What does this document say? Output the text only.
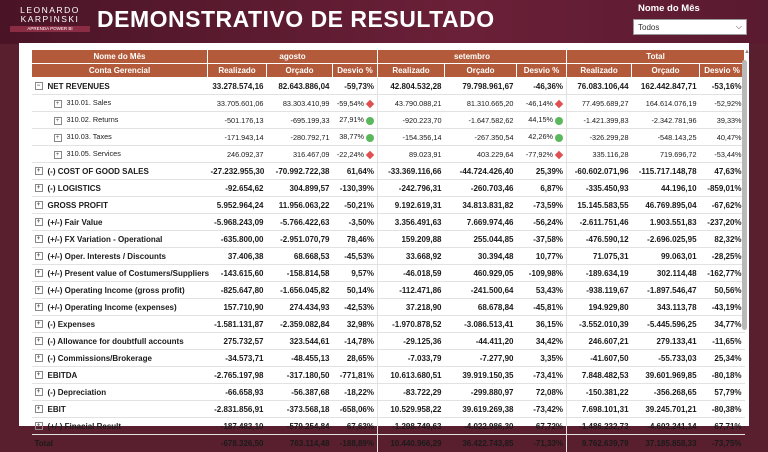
LEONARDO
KARPINSKI
APRENDA POWER BI	DEMONSTRATIVO DE RESULTADO	Nome do Mês
Todos	⌵
Nome do Mês	agosto			setembro			Total		
Conta Gerencial	Realizado	Orçado	Desvio %	Realizado	Orçado	Desvio %	Realizado	Orçado	Desvio %
− NET REVENUES	33.278.574,16	82.643.886,04	-59,73%	42.804.532,28	79.798.961,67	-46,36%	76.083.106,44	162.442.847,71	-53,16%
+ 310.01. Sales	33.705.601,06	83.303.410,99	-59,54%	43.790.088,21	81.310.665,20	-46,14%	77.495.689,27	164.614.076,19	-52,92%
+ 310.02. Returns	-501.176,13	-695.199,33	27,91%	-920.223,70	-1.647.582,62	44,15%	-1.421.399,83	-2.342.781,96	39,33%
+ 310.03. Taxes	-171.943,14	-280.792,71	38,77%	-154.356,14	-267.350,54	42,26%	-326.299,28	-548.143,25	40,47%
+ 310.05. Services	246.092,37	316.467,09	-22,24%	89.023,91	403.229,64	-77,92%	335.116,28	719.696,72	-53,44%
+ (-) COST OF GOOD SALES	-27.232.955,30	-70.992.722,38	61,64%	-33.369.116,66	-44.724.426,40	25,39%	-60.602.071,96	-115.717.148,78	47,63%
+ (-) LOGISTICS	-92.654,62	304.899,57	-130,39%	-242.796,31	-260.703,46	6,87%	-335.450,93	44.196,10	-859,01%
+ GROSS PROFIT	5.952.964,24	11.956.063,22	-50,21%	9.192.619,31	34.813.831,82	-73,59%	15.145.583,55	46.769.895,04	-67,62%
+ (+/-) Fair Value	-5.968.243,09	-5.766.422,63	-3,50%	3.356.491,63	7.669.974,46	-56,24%	-2.611.751,46	1.903.551,83	-237,20%
+ (+/-) FX Variation - Operational	-635.800,00	-2.951.070,79	78,46%	159.209,88	255.044,85	-37,58%	-476.590,12	-2.696.025,95	82,32%
+ (+/-) Oper. Interests / Discounts	37.406,38	68.668,53	-45,53%	33.668,92	30.394,48	10,77%	71.075,31	99.063,01	-28,25%
+ (+/-) Present value of Costumers/Suppliers	-143.615,60	-158.814,58	9,57%	-46.018,59	460.929,05	-109,98%	-189.634,19	302.114,48	-162,77%
+ (+/-) Operating Income (gross profit)	-825.647,80	-1.656.045,82	50,14%	-112.471,86	-241.500,64	53,43%	-938.119,67	-1.897.546,47	50,56%
+ (+/-) Operating Income (expenses)	157.710,90	274.434,93	-42,53%	37.218,90	68.678,84	-45,81%	194.929,80	343.113,78	-43,19%
+ (-) Expenses	-1.581.131,87	-2.359.082,84	32,98%	-1.970.878,52	-3.086.513,41	36,15%	-3.552.010,39	-5.445.596,25	34,77%
+ (-) Allowance for doubtfull accounts	275.732,57	323.544,61	-14,78%	-29.125,36	-44.411,20	34,42%	246.607,21	279.133,41	-11,65%
+ (-) Commissions/Brokerage	-34.573,71	-48.455,13	28,65%	-7.033,79	-7.277,90	3,35%	-41.607,50	-55.733,03	25,34%
+ EBITDA	-2.765.197,98	-317.180,50	-771,81%	10.613.680,51	39.919.150,35	-73,41%	7.848.482,53	39.601.969,85	-80,18%
+ (-) Depreciation	-66.658,93	-56.387,68	-18,22%	-83.722,29	-299.880,97	72,08%	-150.381,22	-356.268,65	57,79%
+ EBIT	-2.831.856,91	-373.568,18	-658,06%	10.529.958,22	39.619.269,38	-73,42%	7.698.101,31	39.245.701,21	-80,38%
+ (+/-) Finacial Result	-187.483,10	-579.254,84	67,63%	-1.298.749,63	-4.022.986,30	67,72%	-1.486.232,73	-4.602.241,14	67,71%
Total	-678.326,50	763.114,48	-188,89%	10.440.966,29	36.422.743,85	-71,33%	9.762.639,79	37.185.858,33	-73,75%
▲
